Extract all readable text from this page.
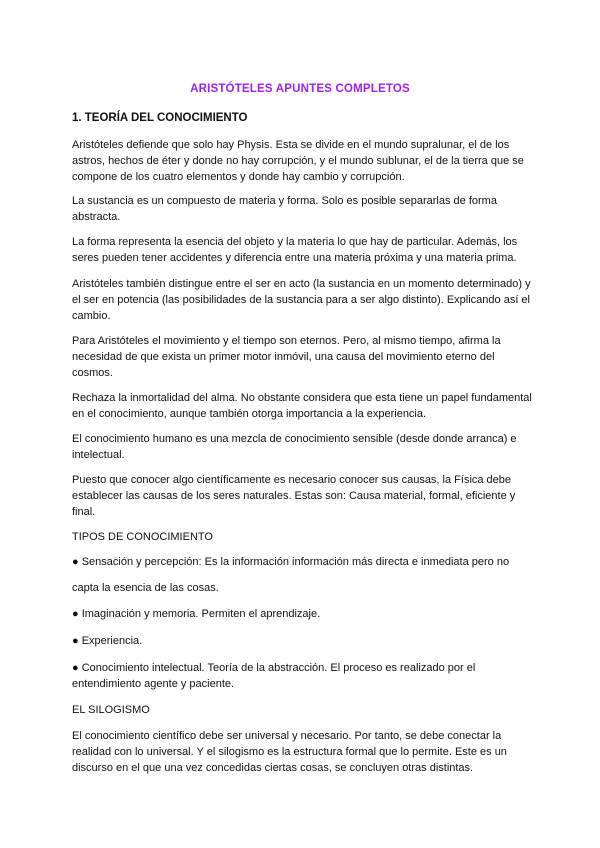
ARISTÓTELES APUNTES COMPLETOS
1. TEORÍA DEL CONOCIMIENTO

Aristóteles defiende que solo hay Physis. Esta se divide en el mundo supralunar, el de los astros, hechos de éter y donde no hay corrupción, y el mundo sublunar, el de la tierra que se compone de los cuatro elementos y donde hay cambio y corrupción.

La sustancia es un compuesto de materia y forma. Solo es posible separarlas de forma abstracta.

La forma representa la esencia del objeto y la materia lo que hay de particular. Además, los seres pueden tener accidentes y diferencia entre una materia próxima y una materia prima.

Aristóteles también distingue entre el ser en acto (la sustancia en un momento determinado) y el ser en potencia (las posibilidades de la sustancia para a ser algo distinto). Explicando así el cambio.

Para Aristóteles el movimiento y el tiempo son eternos. Pero, al mismo tiempo, afirma la necesidad de que exista un primer motor inmóvil, una causa del movimiento eterno del cosmos.

Rechaza la inmortalidad del alma. No obstante considera que esta tiene un papel fundamental en el conocimiento, aunque también otorga importancia a la experiencia.

El conocimiento humano es una mezcla de conocimiento sensible (desde donde arranca) e intelectual.

Puesto que conocer algo científicamente es necesario conocer sus causas, la Física debe establecer las causas de los seres naturales. Estas son: Causa material, formal, eficiente y final.

TIPOS DE CONOCIMIENTO
● Sensación y percepción: Es la información información más directa e inmediata pero no
capta la esencia de las cosas.
● Imaginación y memoria. Permiten el aprendizaje.
● Experiencia.
● Conocimiento intelectual. Teoría de la abstracción. El proceso es realizado por el entendimiento agente y paciente.
EL SILOGISMO

El conocimiento científico debe ser universal y necesario. Por tanto, se debe conectar la realidad con lo universal. Y el silogismo es la estructura formal que lo permite. Este es un discurso en el que una vez concedidas ciertas cosas, se concluyen otras distintas.
